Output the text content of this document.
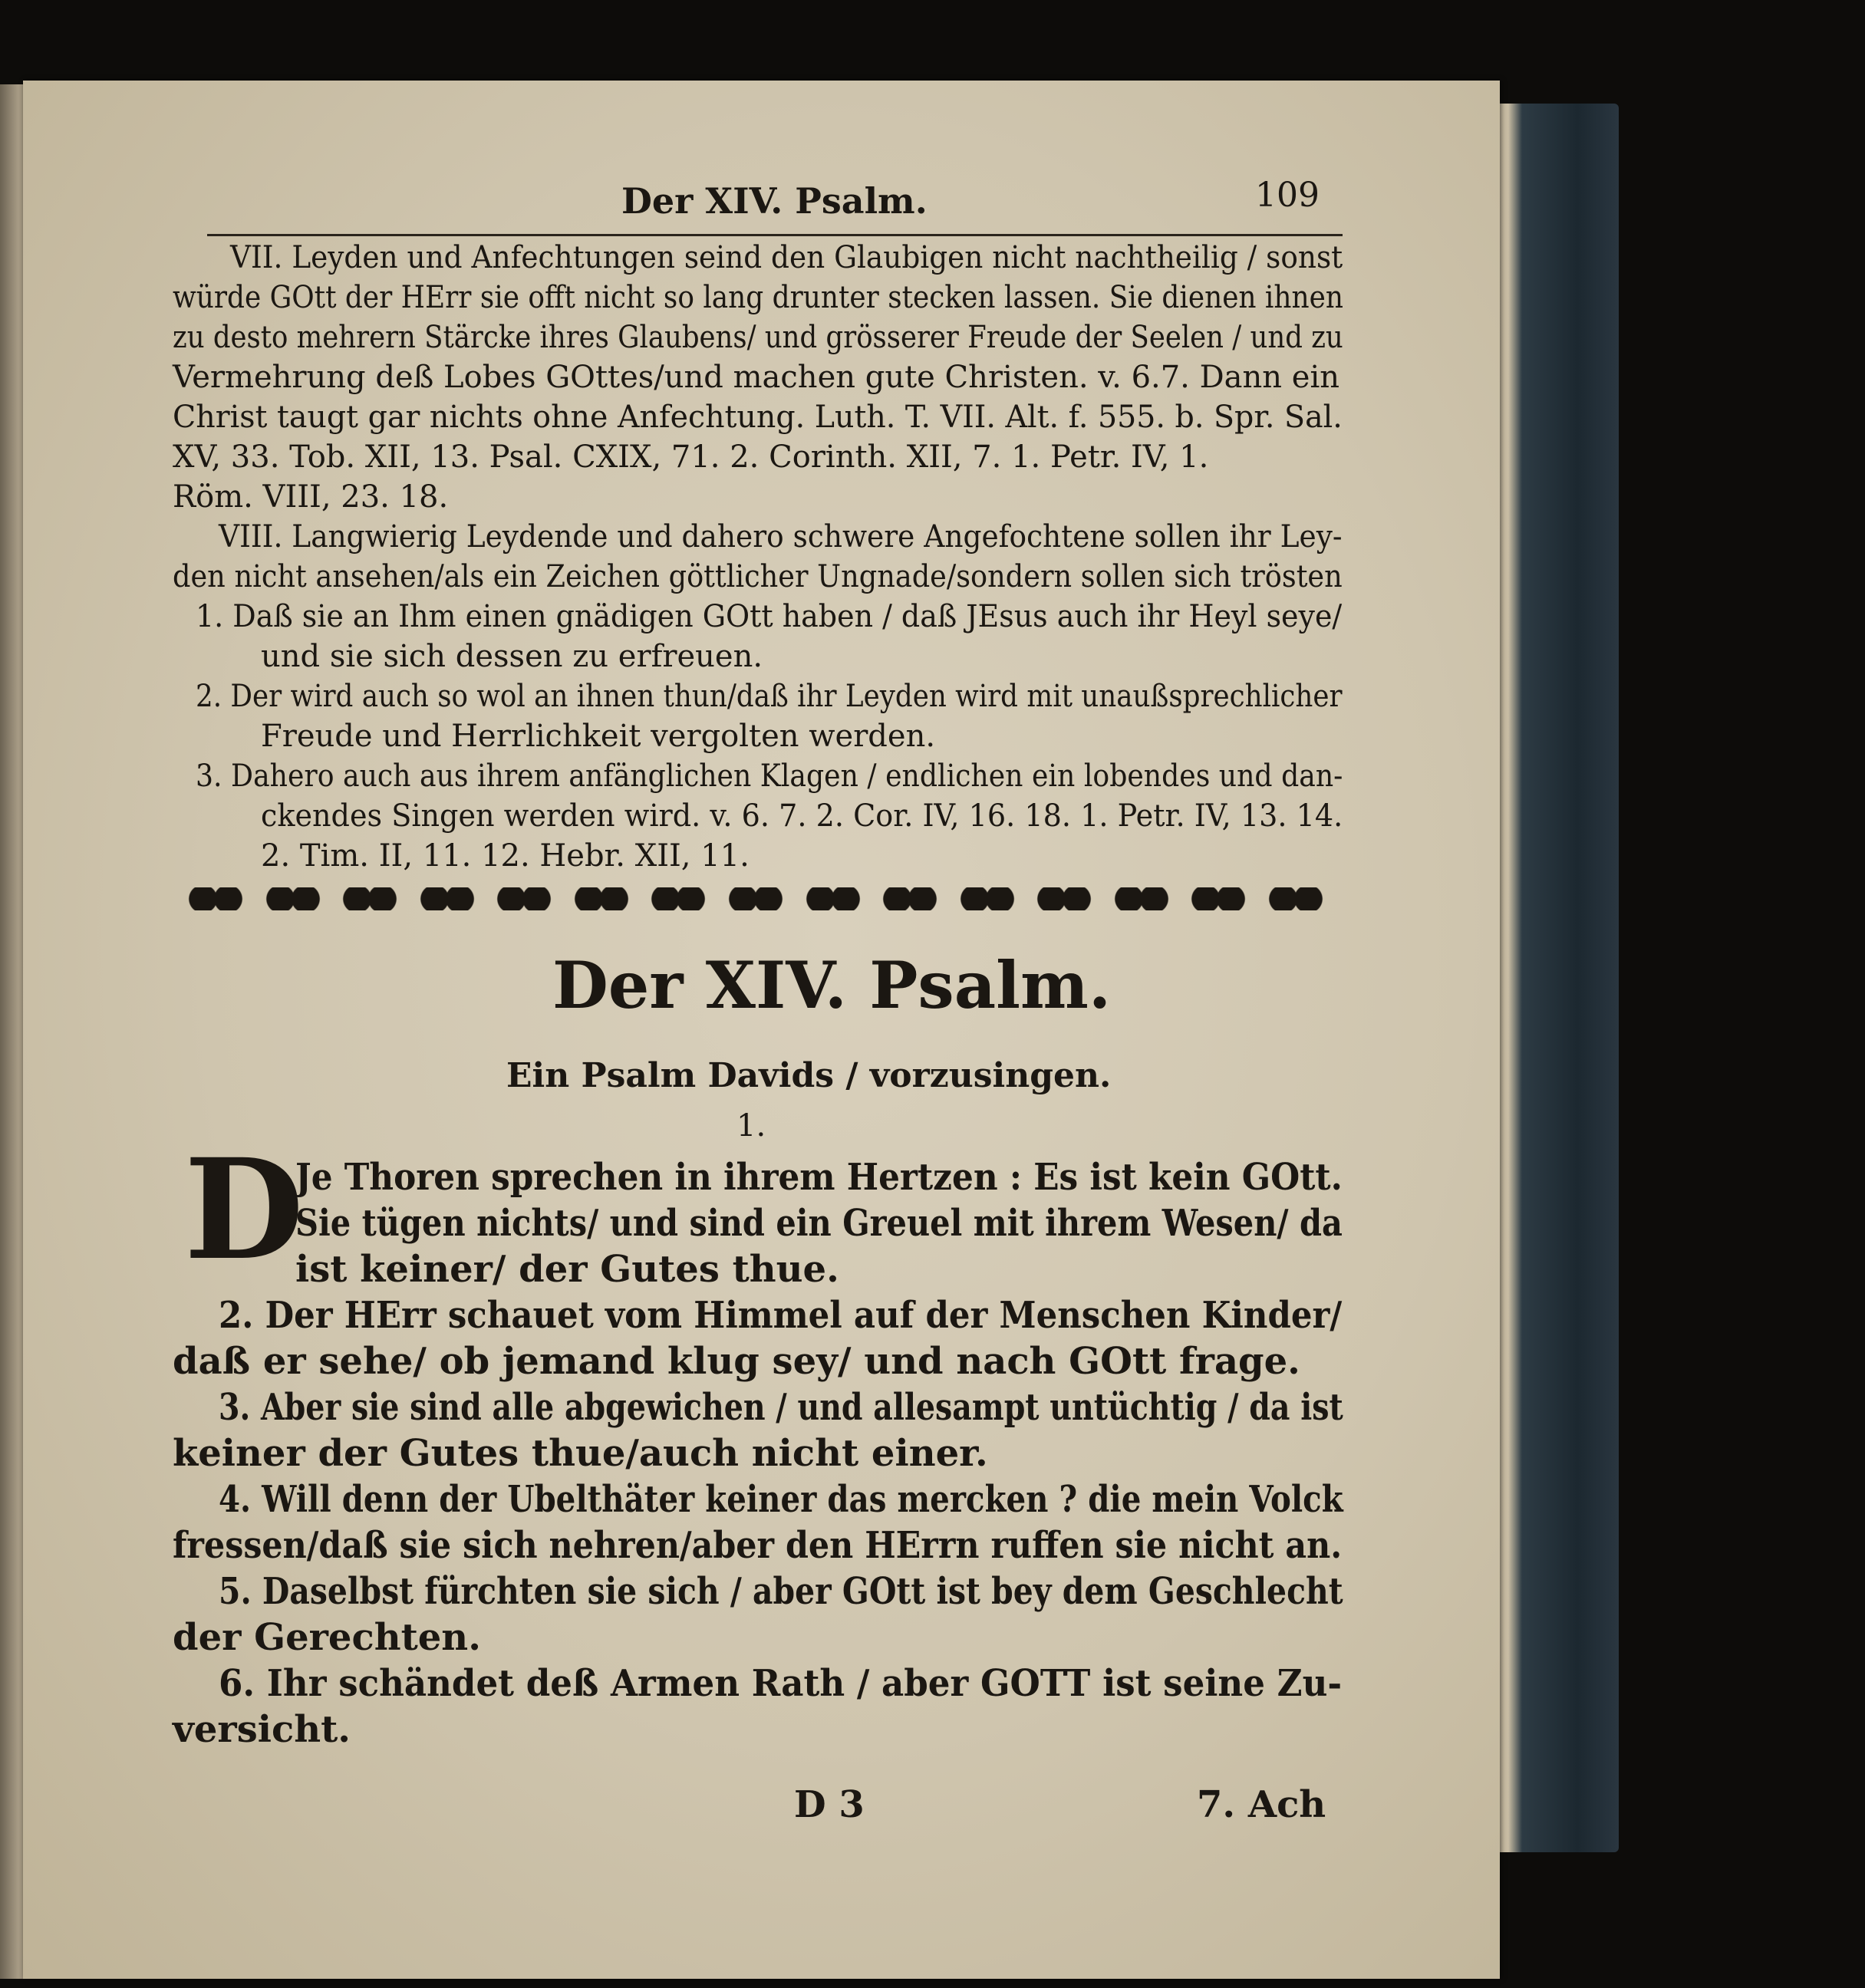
Der XIV. Psalm.	109
VII. Leyden und Anfechtungen seind den Glaubigen nicht nachtheilig / sonst
würde GOtt der HErr sie offt nicht so lang drunter stecken lassen. Sie dienen ihnen
zu desto mehrern Stärcke ihres Glaubens/ und grösserer Freude der Seelen / und zu
Vermehrung deß Lobes GOttes/und machen gute Christen. v. 6.7. Dann ein
Christ taugt gar nichts ohne Anfechtung. Luth. T. VII. Alt. f. 555. b. Spr. Sal.
XV, 33. Tob. XII, 13. Psal. CXIX, 71. 2. Corinth. XII, 7. 1. Petr. IV, 1.
Röm. VIII, 23. 18.
VIII. Langwierig Leydende und dahero schwere Angefochtene sollen ihr Ley-
den nicht ansehen/als ein Zeichen göttlicher Ungnade/sondern sollen sich trösten
1. Daß sie an Ihm einen gnädigen GOtt haben / daß JEsus auch ihr Heyl seye/
und sie sich dessen zu erfreuen.
2. Der wird auch so wol an ihnen thun/daß ihr Leyden wird mit unaußsprechlicher
Freude und Herrlichkeit vergolten werden.
3. Dahero auch aus ihrem anfänglichen Klagen / endlichen ein lobendes und dan-
ckendes Singen werden wird. v. 6. 7. 2. Cor. IV, 16. 18. 1. Petr. IV, 13. 14.
2. Tim. II, 11. 12. Hebr. XII, 11.
Der XIV. Psalm.
Ein Psalm Davids / vorzusingen.
1.
D
Je Thoren sprechen in ihrem Hertzen : Es ist kein GOtt.
Sie tügen nichts/ und sind ein Greuel mit ihrem Wesen/ da
ist keiner/ der Gutes thue.
2. Der HErr schauet vom Himmel auf der Menschen Kinder/
daß er sehe/ ob jemand klug sey/ und nach GOtt frage.
3. Aber sie sind alle abgewichen / und allesampt untüchtig / da ist
keiner der Gutes thue/auch nicht einer.
4. Will denn der Ubelthäter keiner das mercken ? die mein Volck
fressen/daß sie sich nehren/aber den HErrn ruffen sie nicht an.
5. Daselbst fürchten sie sich / aber GOtt ist bey dem Geschlecht
der Gerechten.
6. Ihr schändet deß Armen Rath / aber GOTT ist seine Zu-
versicht.
D 3	7. Ach
